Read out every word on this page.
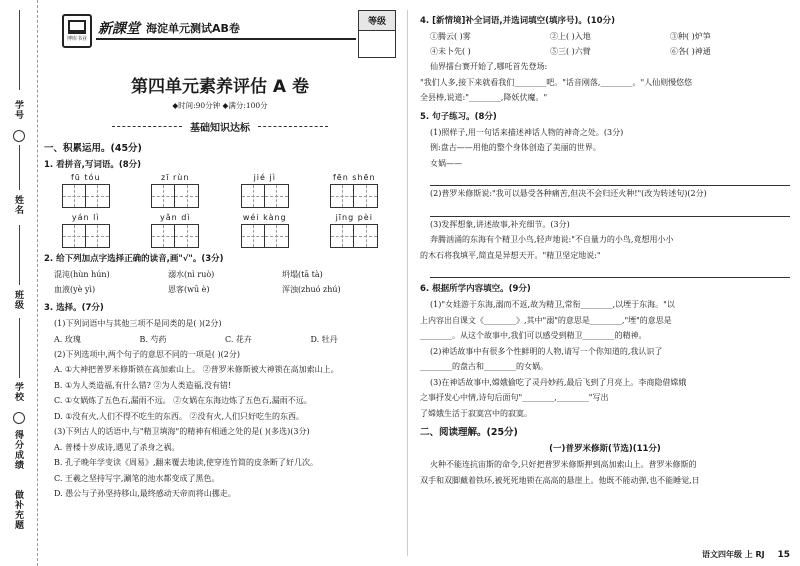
学号
姓名
班级
学校
得分成绩
做补充题
博库书业
新課堂 海淀单元测试AB卷	等级
第四单元素养评估 A 卷
◆时间:90分钟 ◆满分:100分
基础知识达标
一、积累运用。(45分)
1. 看拼音,写词语。(8分)
fū tóu	zī rùn	jié jì	fēn shēn
yán lì	yǎn dì	wéi kàng	jīng pèi
2. 给下列加点字选择正确的读音,画"√"。(3分)
混沌(hùn hún)	溺水(nì ruò)	坍塌(tā tà)
血液(yè yì)	恩客(wū è)	浑浊(zhuó zhú)
3. 选择。(7分)
(1)下列词语中与其他三项不是同类的是( )(2分)
A. 玫瑰	B. 芍药	C. 花卉	D. 牡丹
(2)下列选项中,两个句子的意思不同的一项是( )(2分)
A. ①大神把普罗米修斯锁在高加索山上。 ②普罗米修斯被大神锁在高加索山上。
B. ①为人类造福,有什么错? ②为人类造福,没有错!
C. ①女娲炼了五色石,漏雨不远。 ②女娲在东海边炼了五色石,漏雨不远。
D. ①没有火,人们不得不吃生的东西。 ②没有火,人们只好吃生的东西。
(3)下列古人的话语中,与"精卫填海"的精神有相通之处的是( )(多选)(3分)
A. 普楼十岁成诗,遇见了杀身之祸。
B. 孔子晚年学变读《周易》,翻来覆去地读,使穿连竹简的皮条断了好几次。
C. 王羲之坚持写字,涮笔的池水都变成了黑色。
D. 愚公与子孙坚持移山,最终感动天帝而将山挪走。
4. [新情境]补全词语,并选词填空(填序号)。(10分)
①腾云( )雾	②上( )入地	③种( )炉笋
④未卜先( )	⑤三( )六臂	⑥各( )神通
仙界擂台赛开始了,哪吒首先登场:
"我们人多,接下来就看我们________吧。"话音刚落,________。"人仙则慢悠悠
全县棒,说道:"________,降妖伏魔。"
5. 句子练习。(8分)
(1)照样子,用一句话来描述神话人物的神奇之处。(3分)
例:盘古——用他的整个身体创造了美丽的世界。
女娲——
(2)普罗米修斯说:"我可以悬受各种痛苦,但决不会归还火种!"(改为转述句)(2分)
(3)发挥想象,讲述故事,补充细节。(3分)
奔腾汹涌的东海有个精卫小鸟,轻声地说:"不自量力的小鸟,竟想用小小
的木石将我填平,简直是异想天开。"精卫坚定地说:"
6. 根据所学内容填空。(9分)
(1)"女娃游于东海,溺而不返,故为精卫,常衔________,以堙于东海。"以
上内容出自课文《________》,其中"溺"的意思是________,"堙"的意思是
________。从这个故事中,我们可以感受到精卫________的精神。
(2)神话故事中有很多个性鲜明的人物,请写一个你知道的,我认识了
________的盘古和________的女娲。
(3)在神话故事中,嫦娥偷吃了灵丹妙药,最后飞到了月亮上。李商隐借嫦娥
之事抒发心中情,诗句后面句"________,________"写出
了嫦娥生活于寂寞宫中的寂寞。
二、阅读理解。(25分)
(一)普罗米修斯(节选)(11分)
火种不能连抗宙斯的命令,只好把普罗米修斯押到高加索山上。普罗米修斯的
双手和双脚戴着铁环,被死死地锁在高高的悬崖上。他既不能动弹,也不能睡觉,日
语文四年级 上 RJ 15
